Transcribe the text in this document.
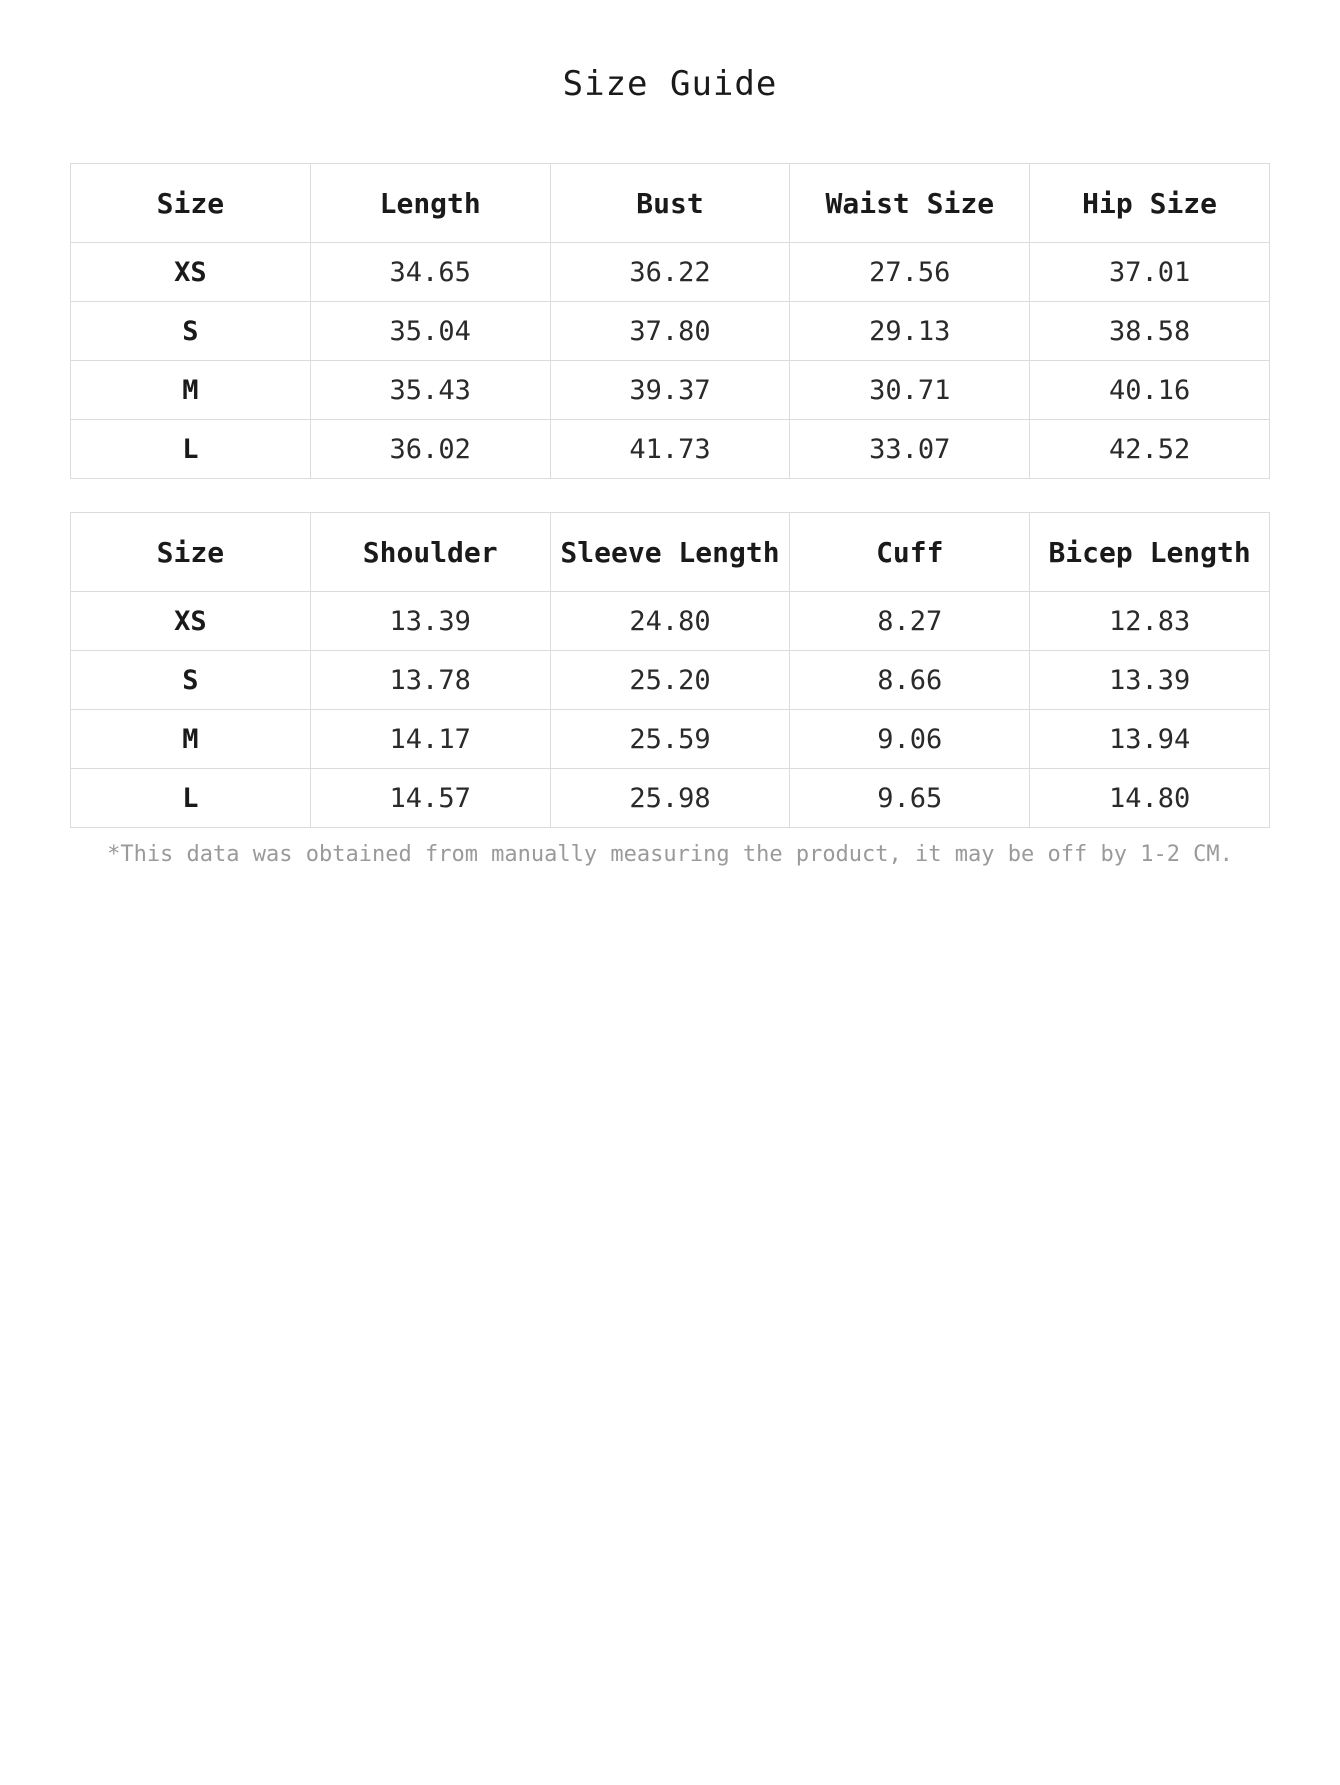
Size Guide
Size	Length	Bust	Waist Size	Hip Size
XS	34.65	36.22	27.56	37.01
S	35.04	37.80	29.13	38.58
M	35.43	39.37	30.71	40.16
L	36.02	41.73	33.07	42.52
Size	Shoulder	Sleeve Length	Cuff	Bicep Length
XS	13.39	24.80	8.27	12.83
S	13.78	25.20	8.66	13.39
M	14.17	25.59	9.06	13.94
L	14.57	25.98	9.65	14.80
*This data was obtained from manually measuring the product, it may be off by 1-2 CM.
